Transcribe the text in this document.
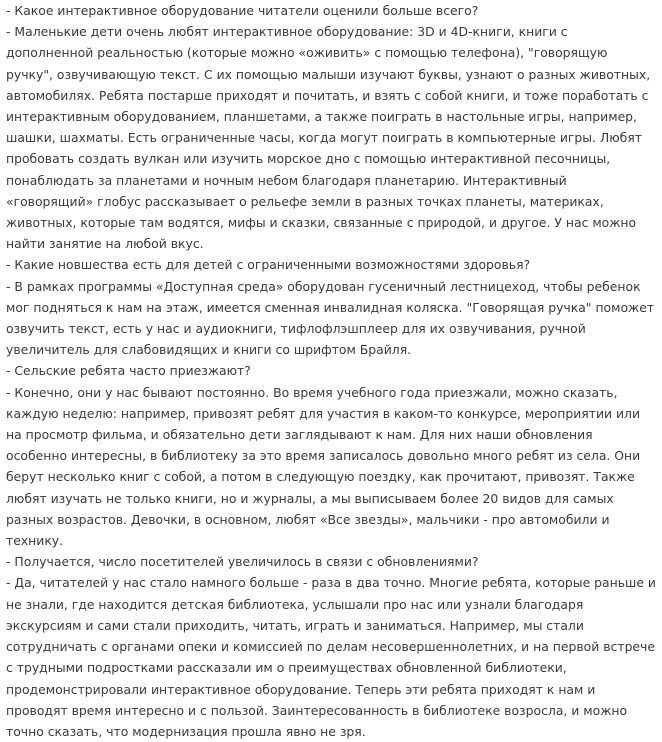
- Какое интерактивное оборудование читатели оценили больше всего?

- Маленькие дети очень любят интерактивное оборудование: 3D и 4D-книги, книги с дополненной реальностью (которые можно «оживить» с помощью телефона), "говорящую ручку", озвучивающую текст. С их помощью малыши изучают буквы, узнают о разных животных, автомобилях. Ребята постарше приходят и почитать, и взять с собой книги, и тоже поработать с интерактивным оборудованием, планшетами, а также поиграть в настольные игры, например, шашки, шахматы. Есть ограниченные часы, когда могут поиграть в компьютерные игры. Любят пробовать создать вулкан или изучить морское дно с помощью интерактивной песочницы, понаблюдать за планетами и ночным небом благодаря планетарию. Интерактивный «говорящий» глобус рассказывает о рельефе земли в разных точках планеты, материках, животных, которые там водятся, мифы и сказки, связанные с природой, и другое. У нас можно найти занятие на любой вкус.

- Какие новшества есть для детей с ограниченными возможностями здоровья?

- В рамках программы «Доступная среда» оборудован гусеничный лестницеход, чтобы ребенок мог подняться к нам на этаж, имеется сменная инвалидная коляска. "Говорящая ручка" поможет озвучить текст, есть у нас и аудиокниги, тифлофлэшплеер для их озвучивания, ручной увеличитель для слабовидящих и книги со шрифтом Брайля.

- Сельские ребята часто приезжают?

- Конечно, они у нас бывают постоянно. Во время учебного года приезжали, можно сказать, каждую неделю: например, привозят ребят для участия в каком-то конкурсе, мероприятии или на просмотр фильма, и обязательно дети заглядывают к нам. Для них наши обновления особенно интересны, в библиотеку за это время записалось довольно много ребят из села. Они берут несколько книг с собой, а потом в следующую поездку, как прочитают, привозят. Также любят изучать не только книги, но и журналы, а мы выписываем более 20 видов для самых разных возрастов. Девочки, в основном, любят «Все звезды», мальчики - про автомобили и технику.

- Получается, число посетителей увеличилось в связи с обновлениями?

- Да, читателей у нас стало намного больше - раза в два точно. Многие ребята, которые раньше и не знали, где находится детская библиотека, услышали про нас или узнали благодаря экскурсиям и сами стали приходить, читать, играть и заниматься. Например, мы стали сотрудничать с органами опеки и комиссией по делам несовершеннолетних, и на первой встрече с трудными подростками рассказали им о преимуществах обновленной библиотеки, продемонстрировали интерактивное оборудование. Теперь эти ребята приходят к нам и проводят время интересно и с пользой. Заинтересованность в библиотеке возросла, и можно точно сказать, что модернизация прошла явно не зря.
